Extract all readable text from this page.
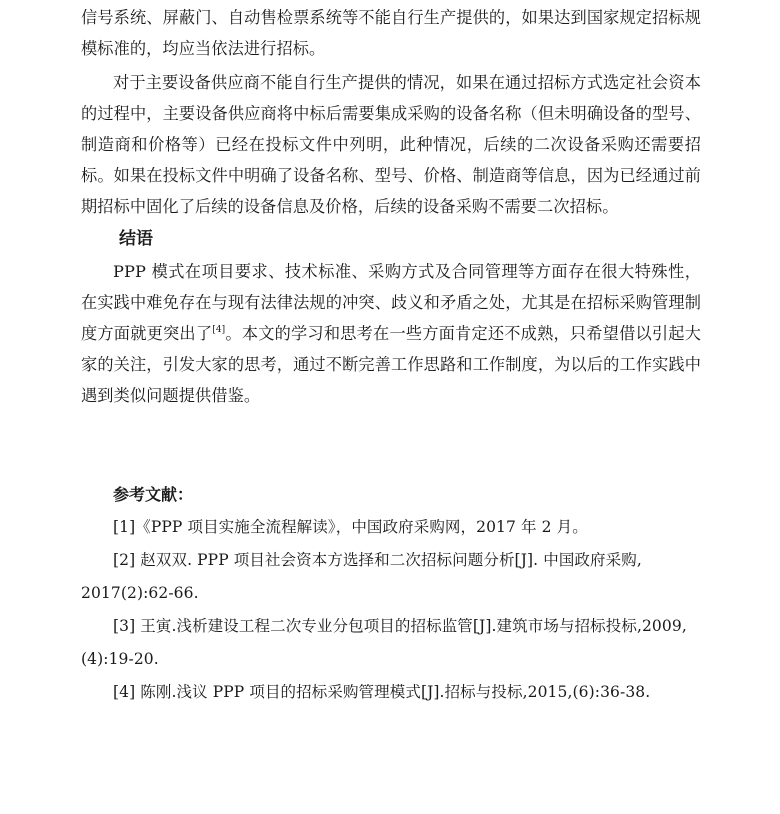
信号系统、屏蔽门、自动售检票系统等不能自行生产提供的，如果达到国家规定招标规模标准的，均应当依法进行招标。

对于主要设备供应商不能自行生产提供的情况，如果在通过招标方式选定社会资本的过程中，主要设备供应商将中标后需要集成采购的设备名称（但未明确设备的型号、制造商和价格等）已经在投标文件中列明，此种情况，后续的二次设备采购还需要招标。如果在投标文件中明确了设备名称、型号、价格、制造商等信息，因为已经通过前期招标中固化了后续的设备信息及价格，后续的设备采购不需要二次招标。

结语

PPP 模式在项目要求、技术标准、采购方式及合同管理等方面存在很大特殊性，在实践中难免存在与现有法律法规的冲突、歧义和矛盾之处，尤其是在招标采购管理制度方面就更突出了[4]。本文的学习和思考在一些方面肯定还不成熟，只希望借以引起大家的关注，引发大家的思考，通过不断完善工作思路和工作制度，为以后的工作实践中遇到类似问题提供借鉴。

参考文献：

[1]《PPP 项目实施全流程解读》，中国政府采购网，2017 年 2 月。

[2] 赵双双. PPP 项目社会资本方选择和二次招标问题分析[J]. 中国政府采购,

2017(2):62-66.

[3] 王寅.浅析建设工程二次专业分包项目的招标监管[J].建筑市场与招标投标,2009,

(4):19-20.

[4] 陈刚.浅议 PPP 项目的招标采购管理模式[J].招标与投标,2015,(6):36-38.
